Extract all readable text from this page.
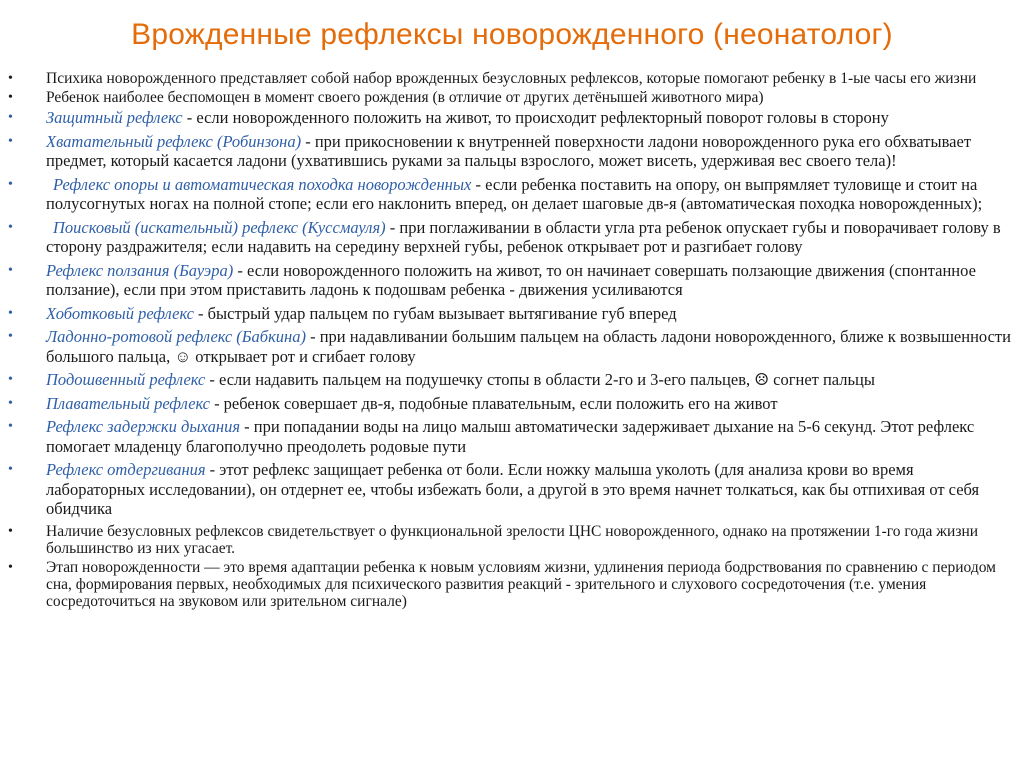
Врожденные рефлексы новорожденного (неонатолог)
• Психика новорожденного представляет собой набор врожденных безусловных рефлексов, которые помогают ребенку в 1-ые часы его жизни
• Ребенок наиболее беспомощен в момент своего рождения (в отличие от других детёнышей животного мира)
• Защитный рефлекс - если новорожденного положить на живот, то происходит рефлекторный поворот головы в сторону
• Хватательный рефлекс (Робинзона) - при прикосновении к внутренней поверхности ладони новорожденного рука его обхватывает предмет, который касается ладони (ухватившись руками за пальцы взрослого, может висеть, удерживая вес своего тела)!
• Рефлекс опоры и автоматическая походка новорожденных - если ребенка поставить на опору, он выпрямляет туловище и стоит на полусогнутых ногах на полной стопе; если его наклонить вперед, он делает шаговые дв-я (автоматическая походка новорожденных);
• Поисковый (искательный) рефлекс (Куссмауля) - при поглаживании в области угла рта ребенок опускает губы и поворачивает голову в сторону раздражителя; если надавить на середину верхней губы, ребенок открывает рот и разгибает голову
• Рефлекс ползания (Бауэра) - если новорожденного положить на живот, то он начинает совершать ползающие движения (спонтанное ползание), если при этом приставить ладонь к подошвам ребенка - движения усиливаются
• Хоботковый рефлекс - быстрый удар пальцем по губам вызывает вытягивание губ вперед
• Ладонно-ротовой рефлекс (Бабкина) - при надавливании большим пальцем на область ладони новорожденного, ближе к возвышенности большого пальца, ☺ открывает рот и сгибает голову
• Подошвенный рефлекс - если надавить пальцем на подушечку стопы в области 2-го и 3-его пальцев, ☹ согнет пальцы
• Плавательный рефлекс - ребенок совершает дв-я, подобные плавательным, если положить его на живот
• Рефлекс задержки дыхания - при попадании воды на лицо малыш автоматически задерживает дыхание на 5-6 секунд. Этот рефлекс помогает младенцу благополучно преодолеть родовые пути
• Рефлекс отдергивания - этот рефлекс защищает ребенка от боли. Если ножку малыша уколоть (для анализа крови во время лабораторных исследовании), он отдернет ее, чтобы избежать боли, а другой в это время начнет толкаться, как бы отпихивая от себя обидчика
• Наличие безусловных рефлексов свидетельствует о функциональной зрелости ЦНС новорожденного, однако на протяжении 1-го года жизни большинство из них угасает.
• Этап новорожденности — это время адаптации ребенка к новым условиям жизни, удлинения периода бодрствования по сравнению с периодом сна, формирования первых, необходимых для психического развития реакций - зрительного и слухового сосредоточения (т.е. умения сосредоточиться на звуковом или зрительном сигнале)
